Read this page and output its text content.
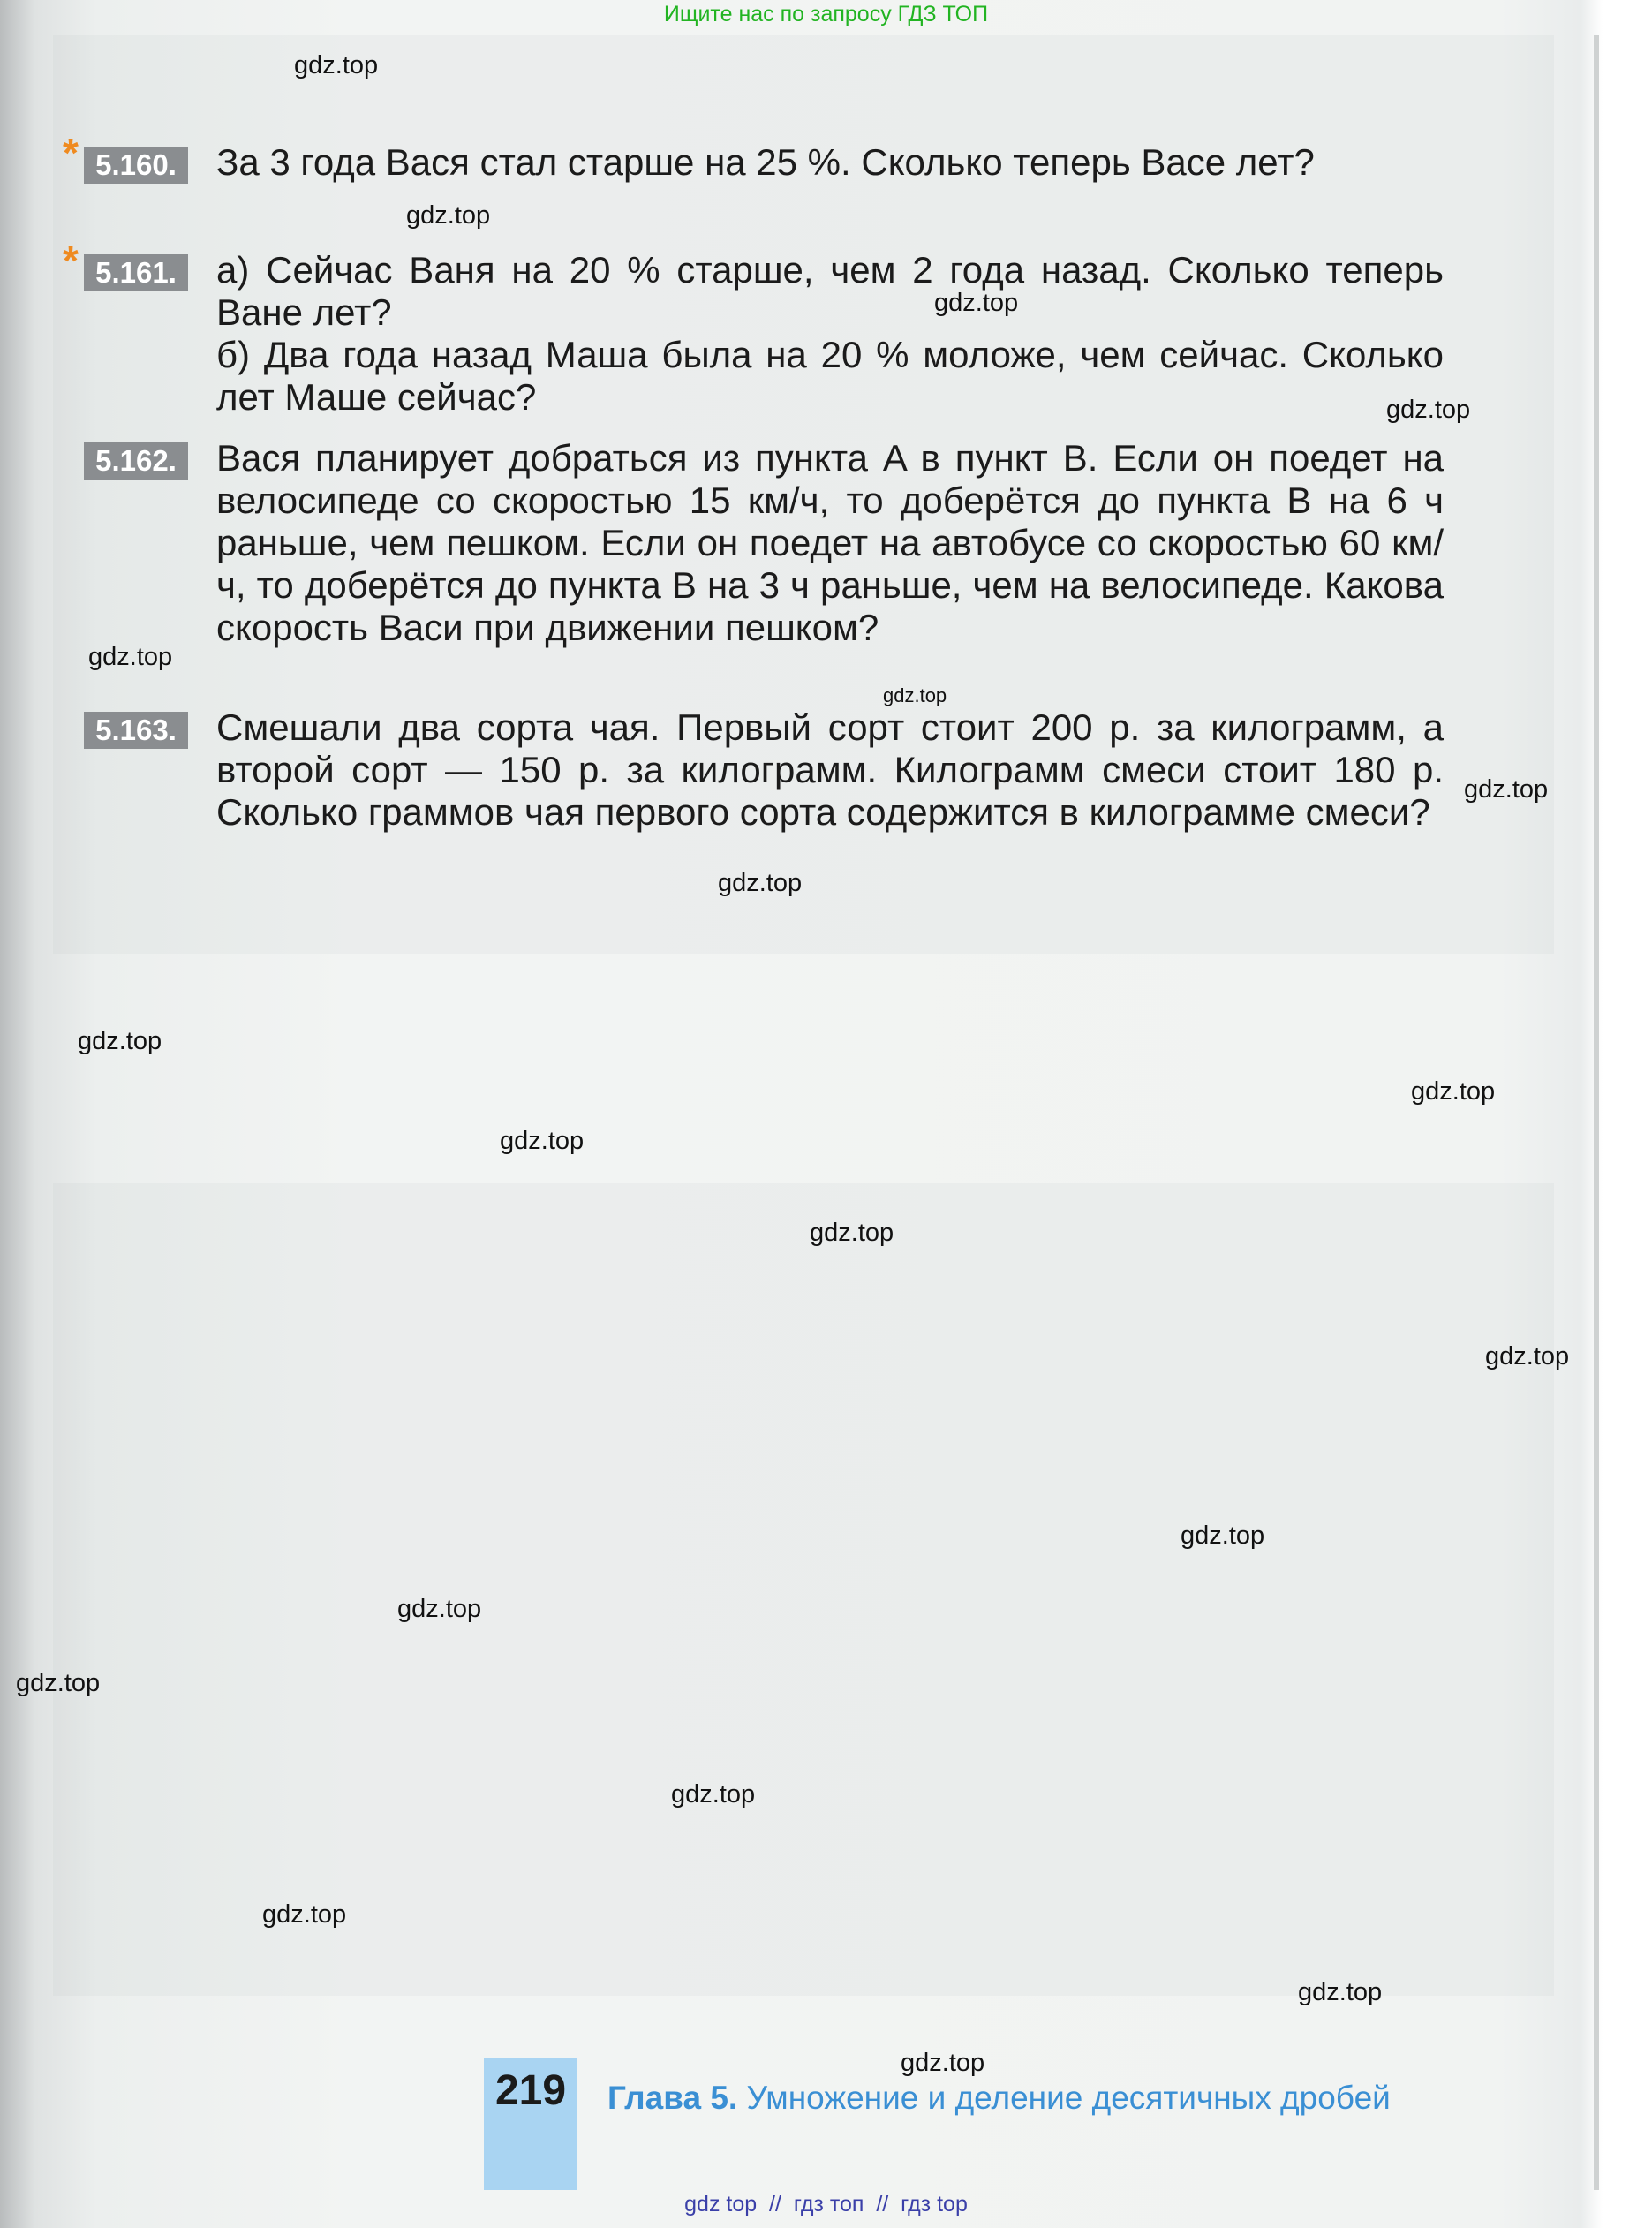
Ищите нас по запросу ГДЗ ТОП
* 5.160.	За 3 года Вася стал старше на 25 %. Сколько теперь Васе лет?

* 5.161.	а) Сейчас Ваня на 20 % старше, чем 2 года назад. Сколько теперь Ване лет?

б) Два года назад Маша была на 20 % моложе, чем сейчас. Сколько лет Маше сейчас?

5.162.	Вася планирует добраться из пункта A в пункт B. Если он поедет на велосипеде со скоростью 15 км/ч, то доберётся до пункта B на 6 ч раньше, чем пешком. Если он поедет на автобусе со скоростью 60 км/ч, то доберётся до пункта B на 3 ч раньше, чем на велосипеде. Какова скорость Васи при движении пешком?

5.163.	Смешали два сорта чая. Первый сорт стоит 200 р. за килограмм, а второй сорт — 150 р. за килограмм. Килограмм смеси стоит 180 р. Сколько граммов чая первого сорта содержится в килограмме смеси?

gdz.top
gdz.top
gdz.top
gdz.top
gdz.top
gdz.top
gdz.top
gdz.top
gdz.top
gdz.top
gdz.top
gdz.top
gdz.top
gdz.top
gdz.top
gdz.top
gdz.top
gdz.top
gdz.top
gdz.top
219	Глава 5. Умножение и деление десятичных дробей
gdz top  //  гдз топ  //  гдз top
